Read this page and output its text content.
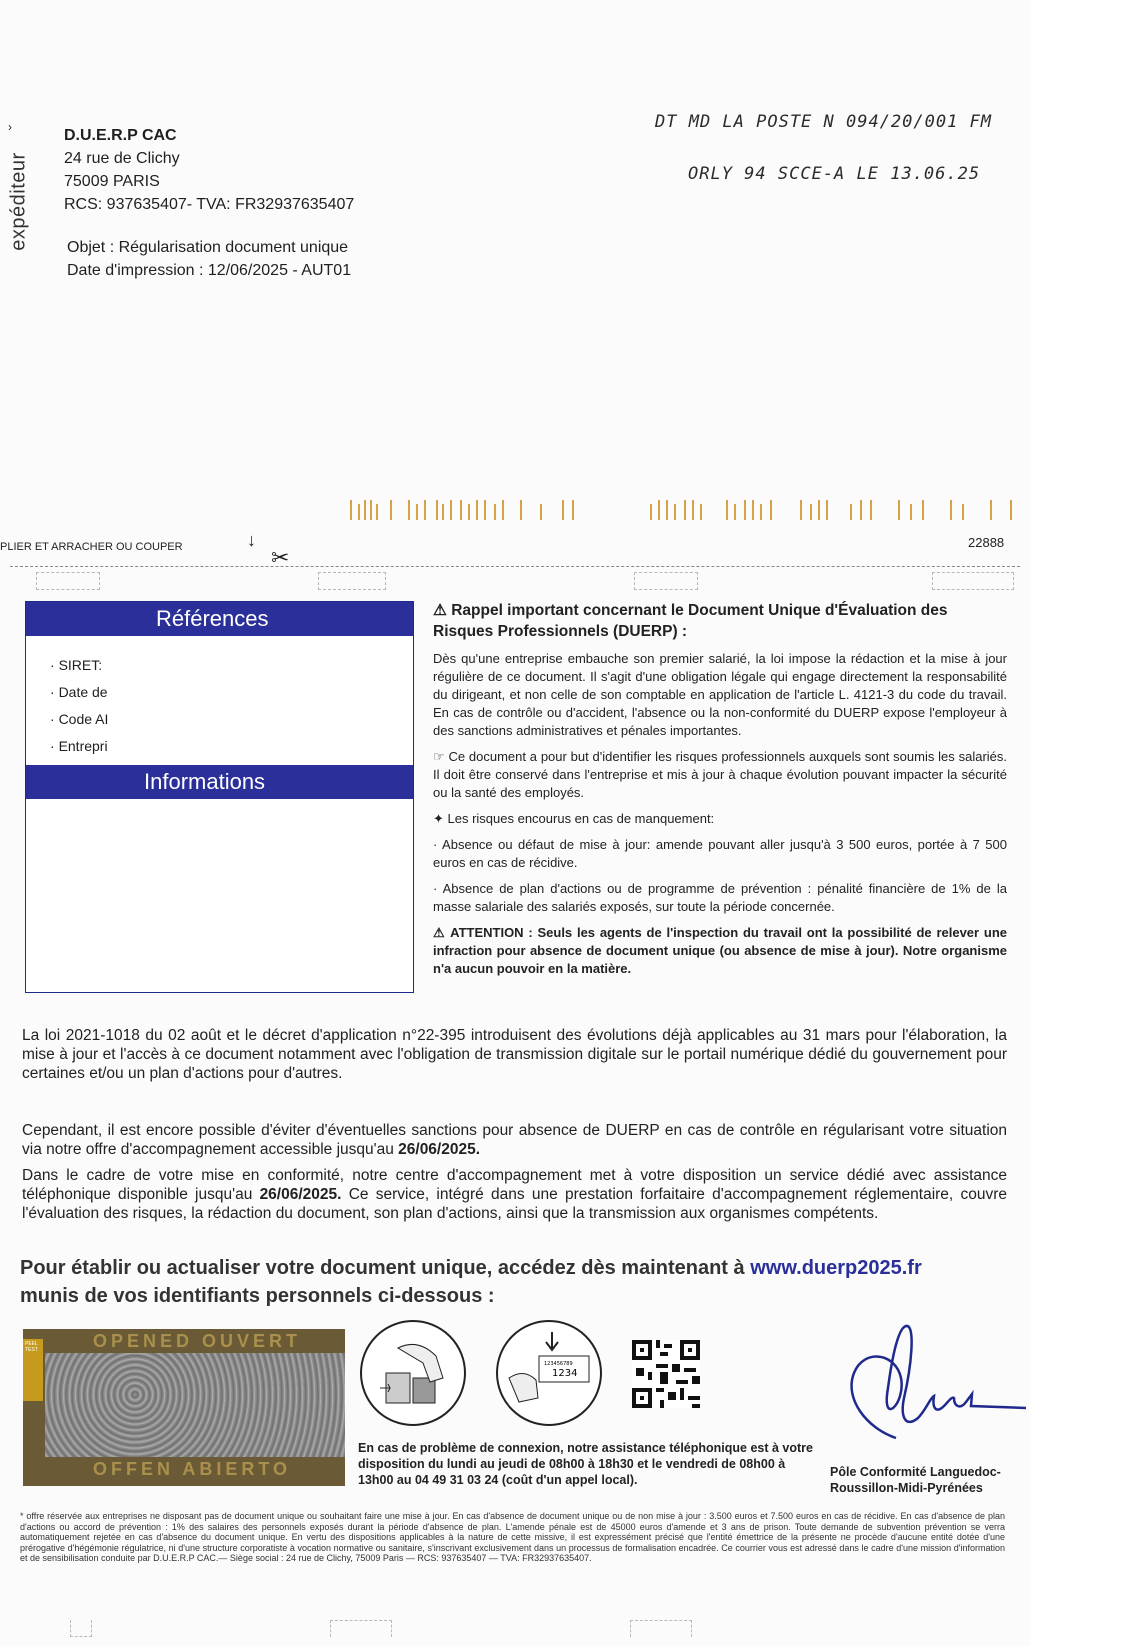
expéditeur
›	D.U.E.R.P CAC
24 rue de Clichy
75009 PARIS
RCS: 937635407- TVA: FR32937635407
Objet : Régularisation document unique
Date d'impression : 12/06/2025 - AUT01
DT MD LA POSTE N 094/20/001 FM
ORLY 94 SCCE-A LE 13.06.25
PLIER ET ARRACHER OU COUPER	↓
✂
22888
Références
· SIRET:
· Date de
· Code AI
· Entrepri
Informations
⚠ Rappel important concernant le Document Unique d'Évaluation des Risques Professionnels (DUERP) :

Dès qu'une entreprise embauche son premier salarié, la loi impose la rédaction et la mise à jour régulière de ce document. Il s'agit d'une obligation légale qui engage directement la responsabilité du dirigeant, et non celle de son comptable en application de l'article L. 4121-3 du code du travail. En cas de contrôle ou d'accident, l'absence ou la non-conformité du DUERP expose l'employeur à des sanctions administratives et pénales importantes.

☞ Ce document a pour but d'identifier les risques professionnels auxquels sont soumis les salariés. Il doit être conservé dans l'entreprise et mis à jour à chaque évolution pouvant impacter la sécurité ou la santé des employés.

✦ Les risques encourus en cas de manquement:

· Absence ou défaut de mise à jour: amende pouvant aller jusqu'à 3 500 euros, portée à 7 500 euros en cas de récidive.

· Absence de plan d'actions ou de programme de prévention : pénalité financière de 1% de la masse salariale des salariés exposés, sur toute la période concernée.

⚠ ATTENTION : Seuls les agents de l'inspection du travail ont la possibilité de relever une infraction pour absence de document unique (ou absence de mise à jour). Notre organisme n'a aucun pouvoir en la matière.

La loi 2021-1018 du 02 août et le décret d'application n°22-395 introduisent des évolutions déjà applicables au 31 mars pour l'élaboration, la mise à jour et l'accès à ce document notamment avec l'obligation de transmission digitale sur le portail numérique dédié du gouvernement pour certaines et/ou un plan d'actions pour d'autres.
Cependant, il est encore possible d'éviter d'éventuelles sanctions pour absence de DUERP en cas de contrôle en régularisant votre situation via notre offre d'accompagnement accessible jusqu'au 26/06/2025.
Dans le cadre de votre mise en conformité, notre centre d'accompagnement met à votre disposition un service dédié avec assistance téléphonique disponible jusqu'au 26/06/2025. Ce service, intégré dans une prestation forfaitaire d'accompagnement réglementaire, couvre l'évaluation des risques, la rédaction du document, son plan d'actions, ainsi que la transmission aux organismes compétents.
Pour établir ou actualiser votre document unique, accédez dès maintenant à www.duerp2025.fr
munis de vos identifiants personnels ci-dessous :
PEEL TEST	OPENED OUVERT
OFFEN ABIERTO
123456789
1234
En cas de problème de connexion, notre assistance téléphonique est à votre disposition du lundi au jeudi de 08h00 à 18h30 et le vendredi de 08h00 à 13h00 au 04 49 31 03 24 (coût d'un appel local).
Pôle Conformité Languedoc-Roussillon-Midi-Pyrénées
* offre réservée aux entreprises ne disposant pas de document unique ou souhaitant faire une mise à jour. En cas d'absence de document unique ou de non mise à jour : 3.500 euros et 7.500 euros en cas de récidive. En cas d'absence de plan d'actions ou accord de prévention : 1% des salaires des personnels exposés durant la période d'absence de plan. L'amende pénale est de 45000 euros d'amende et 3 ans de prison. Toute demande de subvention prévention se verra automatiquement rejetée en cas d'absence du document unique. En vertu des dispositions applicables à la nature de cette missive, il est expressément précisé que l'entité émettrice de la présente ne procède d'aucune entité dotée d'une prérogative d'hégémonie régulatrice, ni d'une structure corporatiste à vocation normative ou sanitaire, s'inscrivant exclusivement dans un processus de formalisation encadrée. Ce courrier vous est adressé dans le cadre d'une mission d'information et de sensibilisation conduite par D.U.E.R.P CAC.— Siège social : 24 rue de Clichy, 75009 Paris — RCS: 937635407 — TVA: FR32937635407.
